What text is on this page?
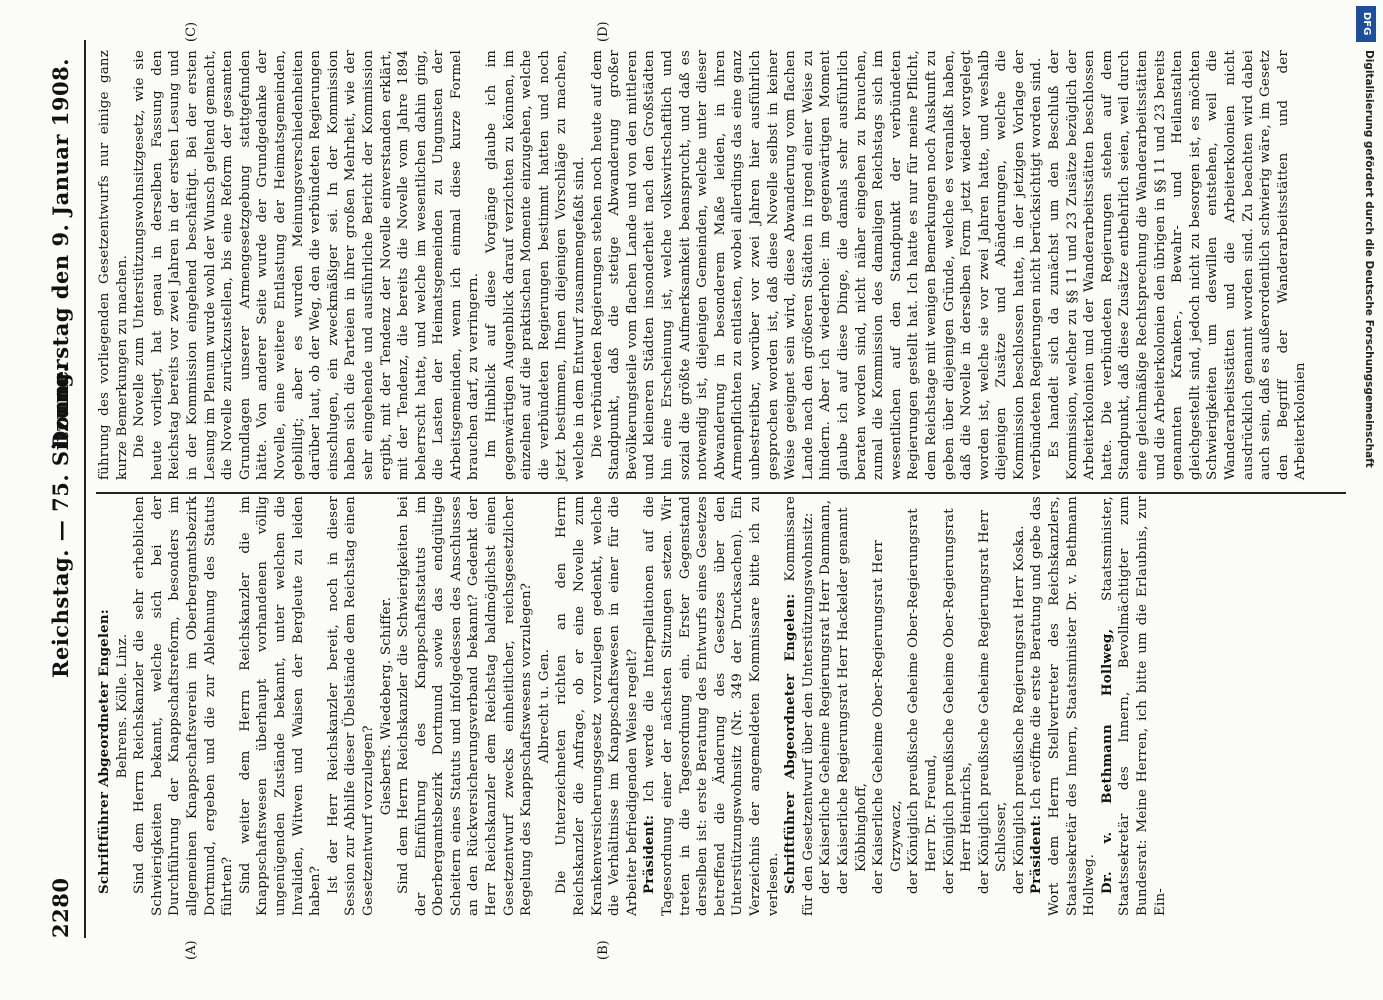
2280
Reichstag. — 75. Sitzung.
Donnerstag den 9. Januar 1908.
(A)	(B)
(C)	(D)

Schriftführer Abgeordneter Engelen: Behrens. Kölle. Linz. Sind dem Herrn Reichskanzler die sehr erheblichen Schwierigkeiten bekannt, welche sich bei der Durchführung der Knappschaftsreform, besonders im allgemeinen Knappschaftsverein im Oberbergamtsbezirk Dortmund, ergeben und die zur Ablehnung des Statuts führten? Sind weiter dem Herrn Reichskanzler die im Knappschaftswesen überhaupt vorhandenen völlig ungenügenden Zustände bekannt, unter welchen die Invaliden, Witwen und Waisen der Bergleute zu leiden haben? Ist der Herr Reichskanzler bereit, noch in dieser Session zur Abhilfe dieser Übelstände dem Reichstag einen Gesetzentwurf vorzulegen?

Giesberts. Wiedeberg. Schiffer. Sind dem Herrn Reichskanzler die Schwierigkeiten bei der Einführung des Knappschaftsstatuts im Oberbergamtsbezirk Dortmund sowie das endgültige Scheitern eines Statuts und infolgedessen des Anschlusses an den Rückversicherungsverband bekannt? Gedenkt der Herr Reichskanzler dem Reichstag baldmöglichst einen Gesetzentwurf zwecks einheitlicher, reichsgesetzlicher Regelung des Knappschaftswesens vorzulegen? Albrecht u. Gen. Die Unterzeichneten richten an den Herrn Reichskanzler die Anfrage, ob er eine Novelle zum Krankenversicherungsgesetz vorzulegen gedenkt, welche die Verhältnisse im Knappschaftswesen in einer für die Arbeiter befriedigenden Weise regelt? Präsident: Ich werde die Interpellationen auf die Tagesordnung einer der nächsten Sitzungen setzen. Wir treten in die Tagesordnung ein. Erster Gegenstand derselben ist: erste Beratung des Entwurfs eines Gesetzes betreffend die Änderung des Gesetzes über den Unterstützungswohnsitz (Nr. 349 der Drucksachen). Ein Verzeichnis der angemeldeten Kommissare bitte ich zu verlesen. Schriftführer Abgeordneter Engelen: Kommissare für den Gesetzentwurf über den Unterstützungswohnsitz: der Kaiserliche Geheime Regierungsrat Herr Dammann, der Kaiserliche Regierungsrat Herr Hackelder genannt Köbbinghoff, der Kaiserliche Geheime Ober-Regierungsrat Herr Grzywacz, der Königlich preußische Geheime Ober-Regierungsrat Herr Dr. Freund, der Königlich preußische Geheime Ober-Regierungsrat Herr Heinrichs, der Königlich preußische Geheime Regierungsrat Herr Schlosser, der Königlich preußische Regierungsrat Herr Koska. Präsident: Ich eröffne die erste Beratung und gebe das Wort dem Herrn Stellvertreter des Reichskanzlers, Staatssekretär des Innern, Staatsminister Dr. v. Bethmann Hollweg. Dr. v. Bethmann Hollweg, Staatsminister, Staatssekretär des Innern, Bevollmächtigter zum Bundesrat: Meine Herren, ich bitte um die Erlaubnis, zur Ein-

führung des vorliegenden Gesetzentwurfs nur einige ganz kurze Bemerkungen zu machen. Die Novelle zum Unterstützungswohnsitzgesetz, wie sie heute vorliegt, hat genau in derselben Fassung den Reichstag bereits vor zwei Jahren in der ersten Lesung und in der Kommission eingehend beschäftigt. Bei der ersten Lesung im Plenum wurde wohl der Wunsch geltend gemacht, die Novelle zurückzustellen, bis eine Reform der gesamten Grundlagen unserer Armengesetzgebung stattgefunden hätte. Von anderer Seite wurde der Grundgedanke der Novelle, eine weitere Entlastung der Heimatsgemeinden, gebilligt; aber es wurden Meinungsverschiedenheiten darüber laut, ob der Weg, den die verbündeten Regierungen einschlugen, ein zweckmäßiger sei. In der Kommission haben sich die Parteien in ihrer großen Mehrheit, wie der sehr eingehende und ausführliche Bericht der Kommission ergibt, mit der Tendenz der Novelle einverstanden erklärt, mit der Tendenz, die bereits die Novelle vom Jahre 1894 beherrscht hatte, und welche im wesentlichen dahin ging, die Lasten der Heimatsgemeinden zu Ungunsten der Arbeitsgemeinden, wenn ich einmal diese kurze Formel brauchen darf, zu verringern. Im Hinblick auf diese Vorgänge glaube ich im gegenwärtigen Augenblick darauf verzichten zu können, im einzelnen auf die praktischen Momente einzugehen, welche die verbündeten Regierungen bestimmt hatten und noch jetzt bestimmen, Ihnen diejenigen Vorschläge zu machen, welche in dem Entwurf zusammengefaßt sind. Die verbündeten Regierungen stehen noch heute auf dem Standpunkt, daß die stetige Abwanderung großer Bevölkerungsteile vom flachen Lande und von den mittleren und kleineren Städten insonderheit nach den Großstädten hin eine Erscheinung ist, welche volkswirtschaftlich und sozial die größte Aufmerksamkeit beansprucht, und daß es notwendig ist, diejenigen Gemeinden, welche unter dieser Abwanderung in besonderem Maße leiden, in ihren Armenpflichten zu entlasten, wobei allerdings das eine ganz unbestreitbar, worüber vor zwei Jahren hier ausführlich gesprochen worden ist, daß diese Novelle selbst in keiner Weise geeignet sein wird, diese Abwanderung vom flachen Lande nach den größeren Städten in irgend einer Weise zu hindern. Aber ich wiederhole: im gegenwärtigen Moment glaube ich auf diese Dinge, die damals sehr ausführlich beraten worden sind, nicht näher eingehen zu brauchen, zumal die Kommission des damaligen Reichstags sich im wesentlichen auf den Standpunkt der verbündeten Regierungen gestellt hat. Ich hatte es nur für meine Pflicht, dem Reichstage mit wenigen Bemerkungen noch Auskunft zu geben über diejenigen Gründe, welche es veranlaßt haben, daß die Novelle in derselben Form jetzt wieder vorgelegt worden ist, welche sie vor zwei Jahren hatte, und weshalb diejenigen Zusätze und Abänderungen, welche die Kommission beschlossen hatte, in der jetzigen Vorlage der verbündeten Regierungen nicht berücksichtigt worden sind. Es handelt sich da zunächst um den Beschluß der Kommission, welcher zu §§ 11 und 23 Zusätze bezüglich der Arbeiterkolonien und der Wanderarbeitsstätten beschlossen hatte. Die verbündeten Regierungen stehen auf dem Standpunkt, daß diese Zusätze entbehrlich seien, weil durch eine gleichmäßige Rechtsprechung die Wanderarbeitsstätten und die Arbeiterkolonien den übrigen in §§ 11 und 23 bereits genannten Kranken-, Bewahr- und Heilanstalten gleichgestellt sind, jedoch nicht zu besorgen ist, es möchten Schwierigkeiten um deswillen entstehen, weil die Wanderarbeitsstätten und die Arbeiterkolonien nicht ausdrücklich genannt worden sind. Zu beachten wird dabei auch sein, daß es außerordentlich schwierig wäre, im Gesetz den Begriff der Wanderarbeitsstätten und der Arbeiterkolonien

DFG
Digitalisierung gefördert durch die Deutsche Forschungsgemeinschaft
